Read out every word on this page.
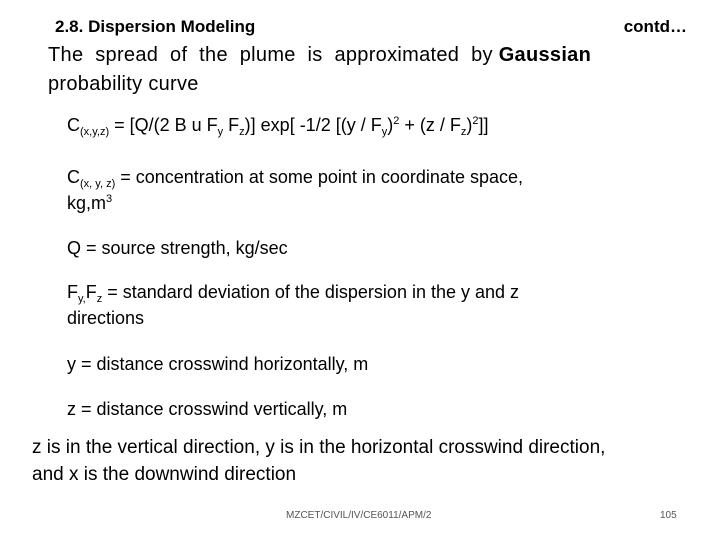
2.8. Dispersion Modeling	contd…
The spread of the plume is approximated by Gaussian
probability curve
$C_{(x,y,z)} = [Q/(2$ B u $F_y$ $F_z$)] exp[ -1/2 $[(y / F_y)^2 + (z / F_z)^2]$]
$C_{(x, y, z)}$ = concentration at some point in coordinate space,
$kg,m^3$
Q = source strength, kg/sec
$F_{y,}F_z$ = standard deviation of the dispersion in the y and z
directions
y = distance crosswind horizontally, m
z = distance crosswind vertically, m
z is in the vertical direction, y is in the horizontal crosswind direction,
and x is the downwind direction
MZCET/CIVIL/IV/CE6011/APM/2	105
